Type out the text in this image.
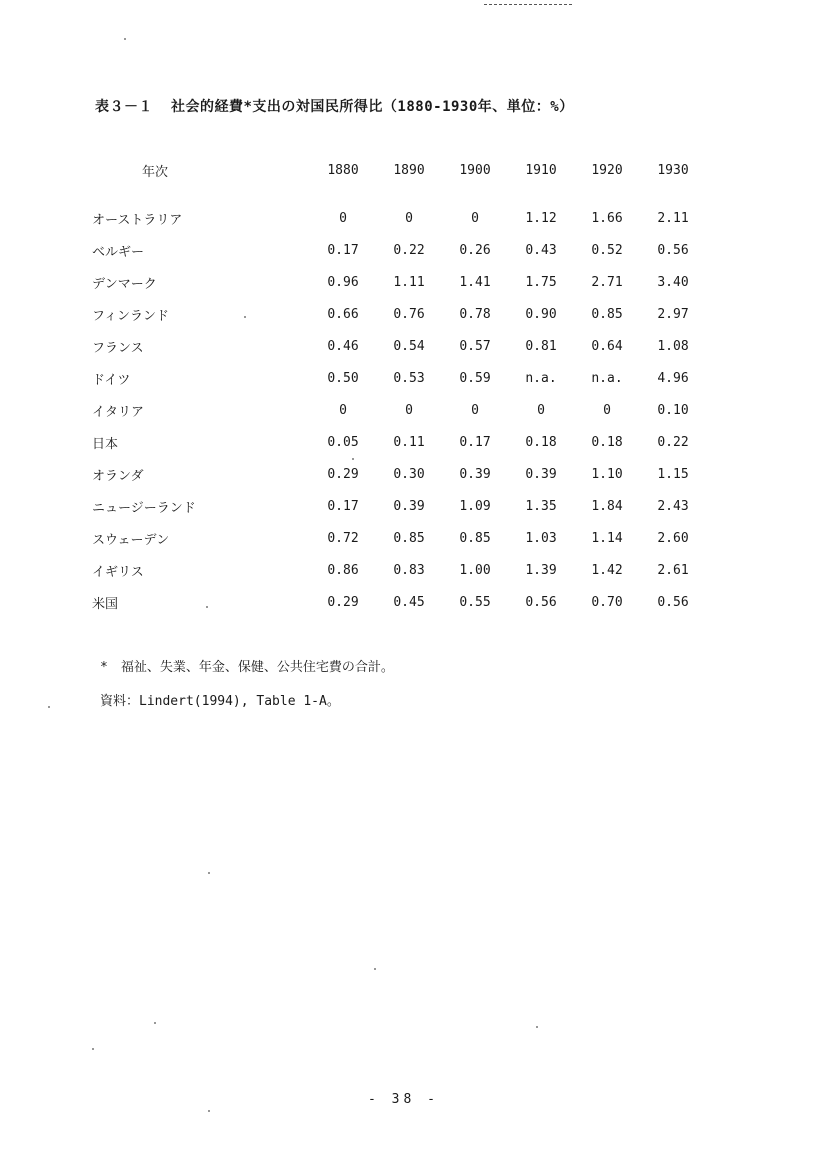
表３－１ 社会的経費*支出の対国民所得比（1880-1930年、単位：%）
年次	1880	1890	1900	1910	1920	1930

オーストラリア	0	0	0	1.12	1.66	2.11
ベルギー	0.17	0.22	0.26	0.43	0.52	0.56
デンマーク	0.96	1.11	1.41	1.75	2.71	3.40
フィンランド	0.66	0.76	0.78	0.90	0.85	2.97
フランス	0.46	0.54	0.57	0.81	0.64	1.08
ドイツ	0.50	0.53	0.59	n.a.	n.a.	4.96
イタリア	0	0	0	0	0	0.10
日本	0.05	0.11	0.17	0.18	0.18	0.22
オランダ	0.29	0.30	0.39	0.39	1.10	1.15
ニュージーランド	0.17	0.39	1.09	1.35	1.84	2.43
スウェーデン	0.72	0.85	0.85	1.03	1.14	2.60
イギリス	0.86	0.83	1.00	1.39	1.42	2.61
米国	0.29	0.45	0.55	0.56	0.70	0.56
*　福祉、失業、年金、保健、公共住宅費の合計。
資料：Lindert(1994), Table 1-A。
- 38 -
